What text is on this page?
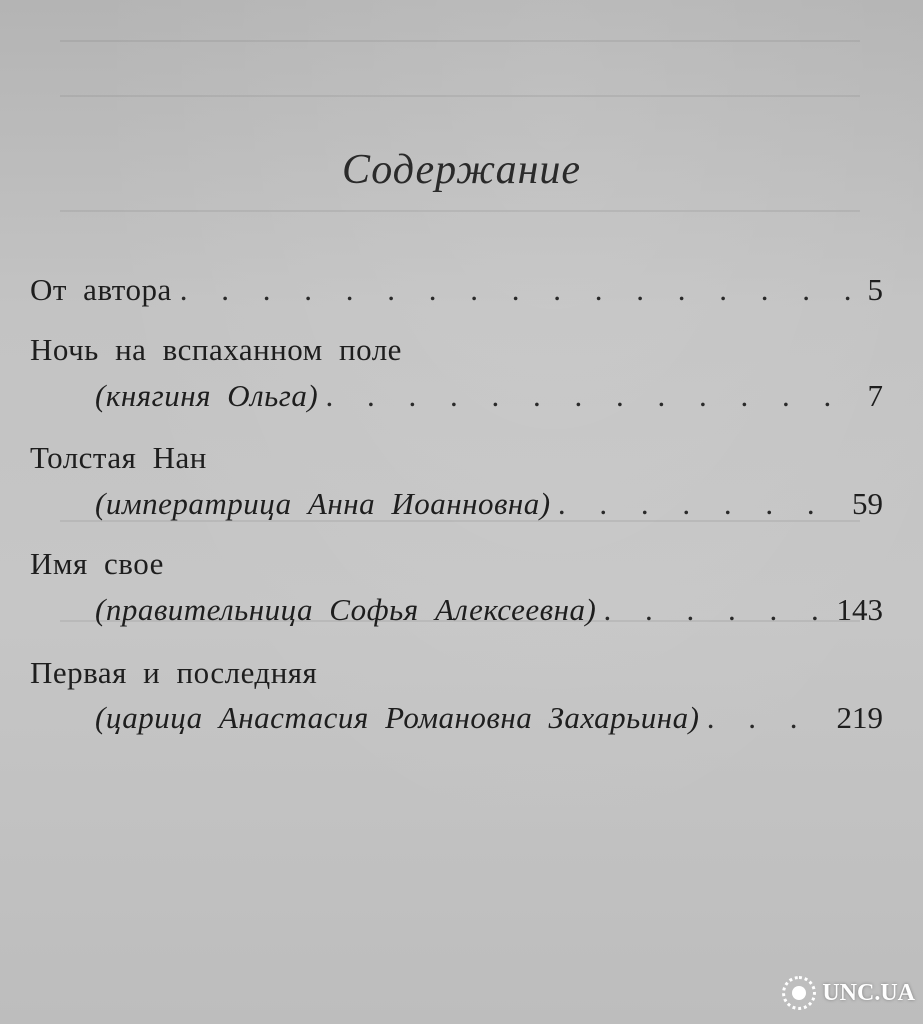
Содержание
От автора . . .	5
Ночь на вспаханном поле
(княгиня Ольга) . . .	7
Толстая Нан
(императрица Анна Иоанновна) . . .	59
Имя свое
(правительница Софья Алексеевна) . . .	143
Первая и последняя
(царица Анастасия Романовна Захарьина) . . .	219
UNC.UA
